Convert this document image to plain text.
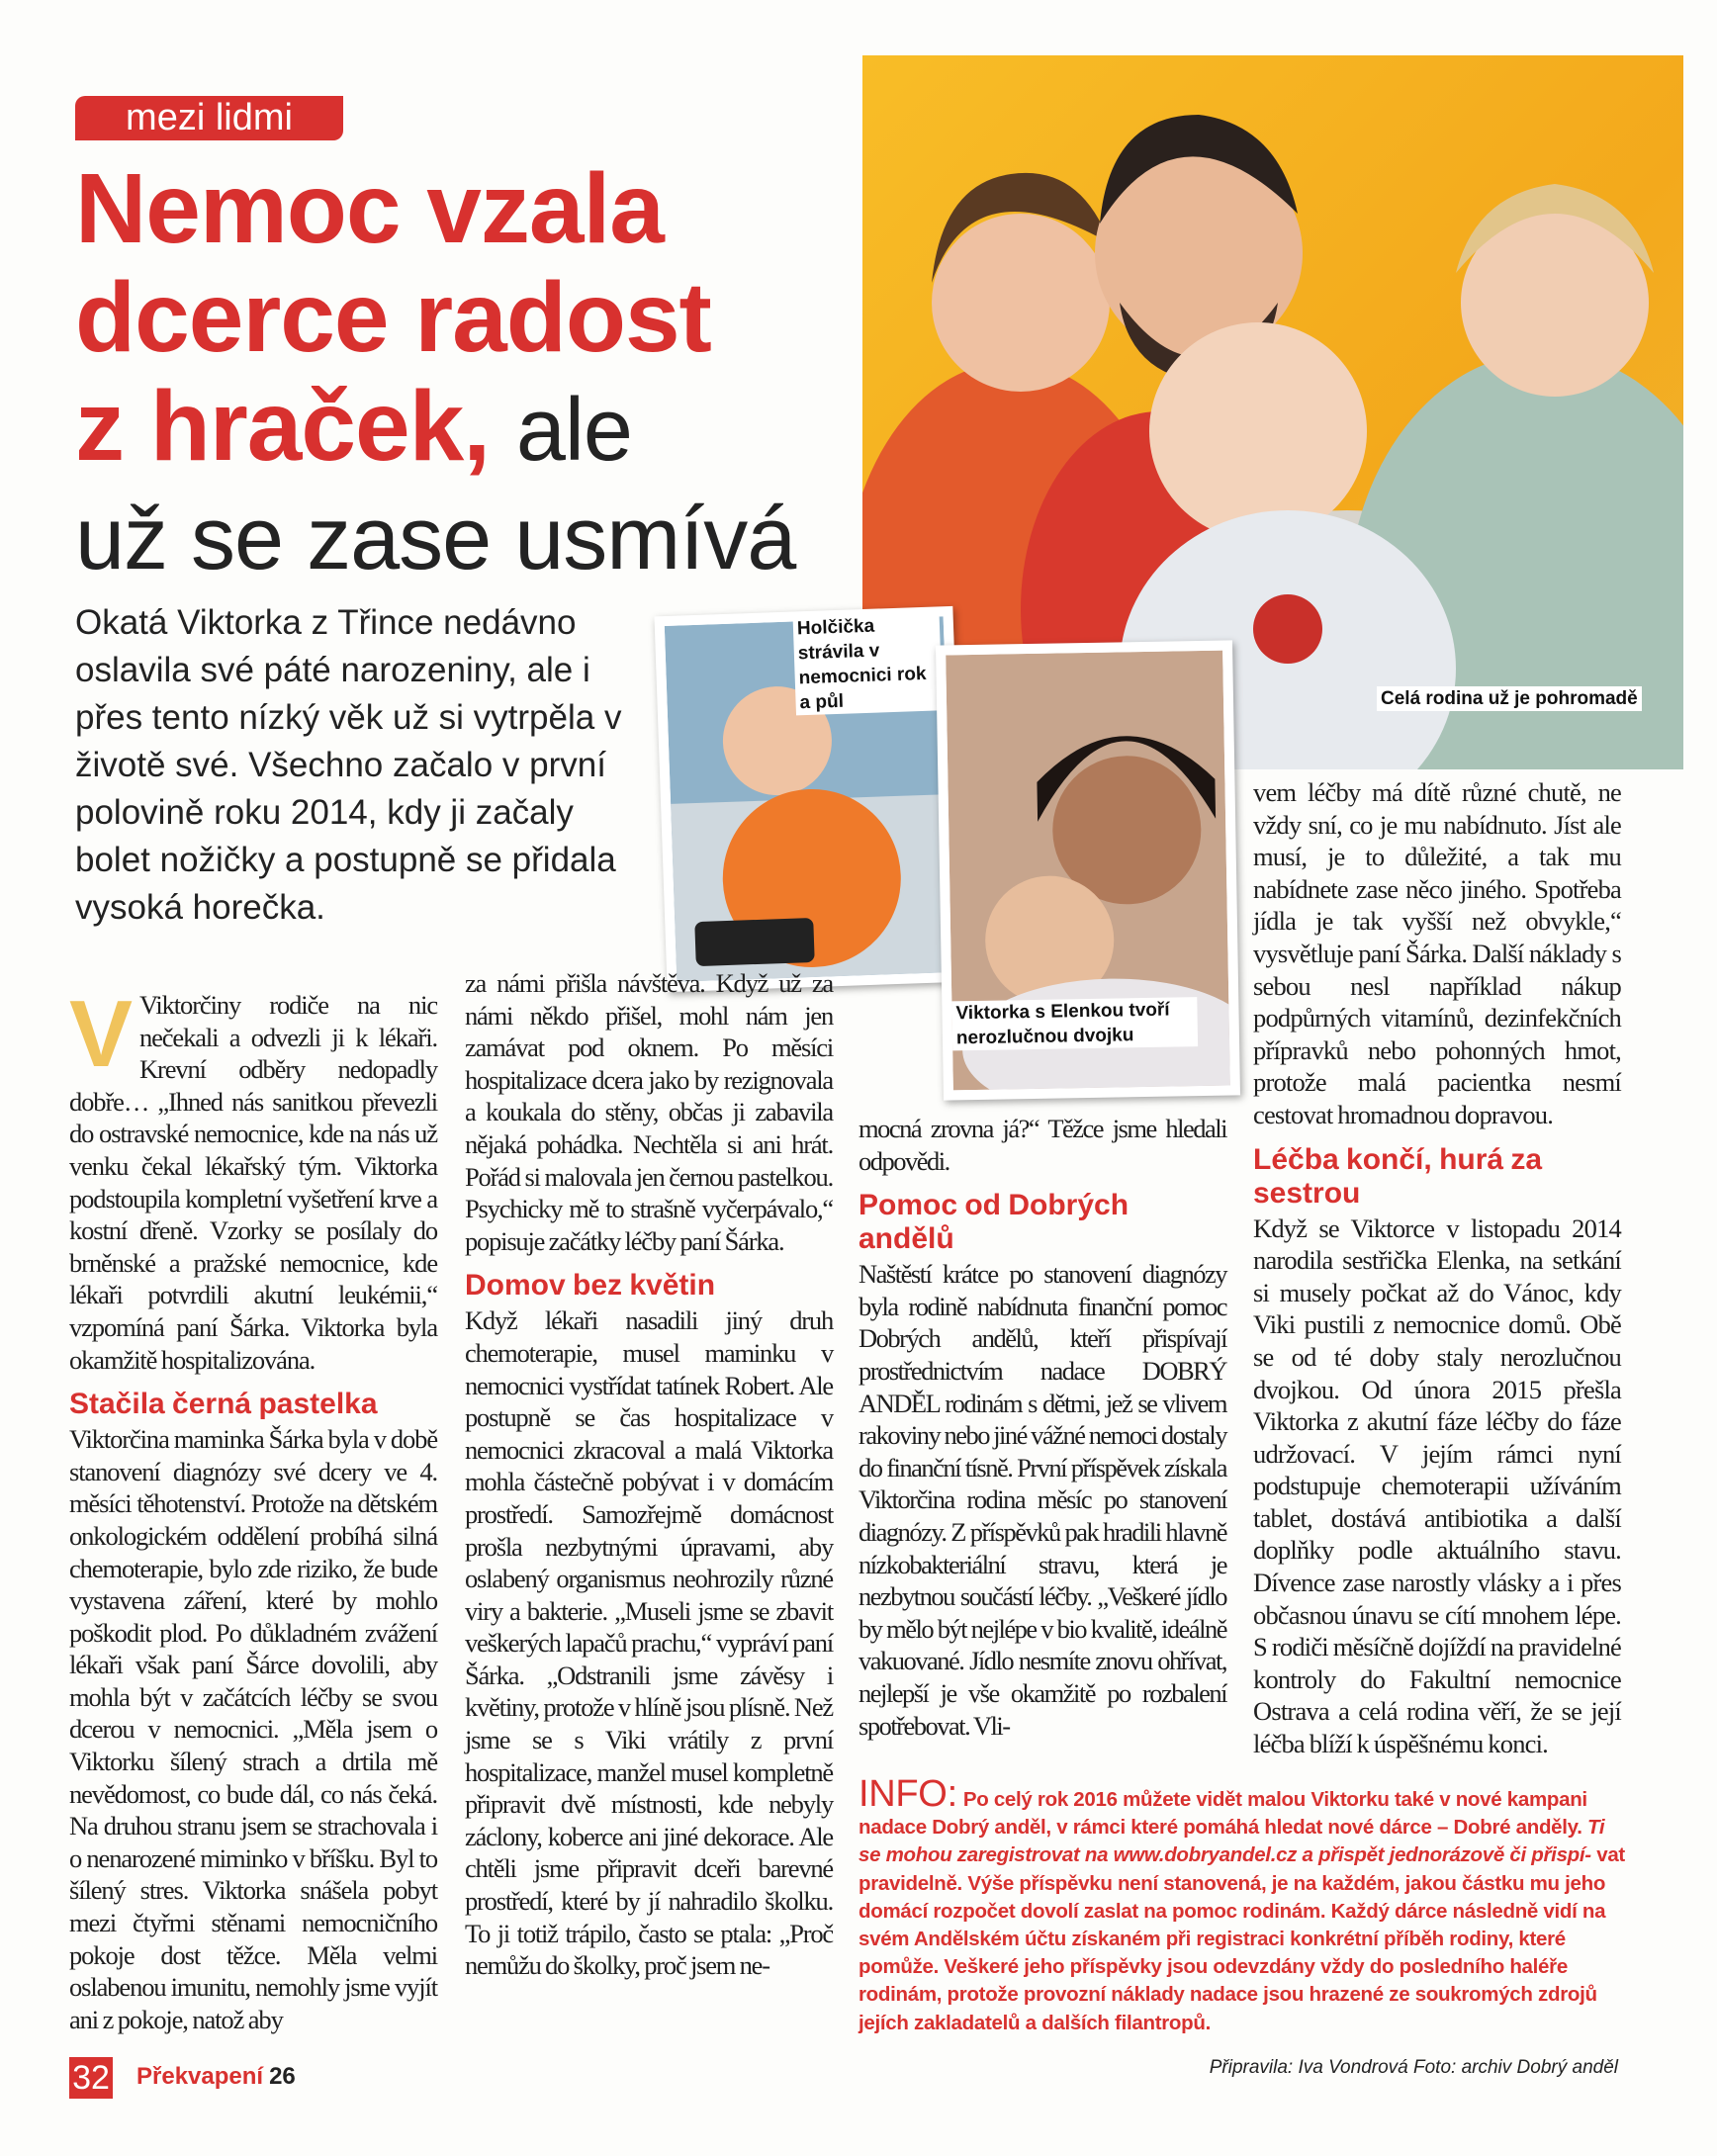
mezi lidmi
Nemoc vzala
dcerce radost
z hraček, ale
už se zase usmívá
Okatá Viktorka z Třince nedávno oslavila své páté narozeniny, ale i přes tento nízký věk už si vytrpěla v životě své. Všechno začalo v první polovině roku 2014, kdy ji začaly bolet nožičky a postupně se přidala vysoká horečka.
Celá rodina už je pohromadě
Holčička strávila v nemocnici rok a půl
Viktorka s Elenkou tvoří nerozlučnou dvojku
V Viktorčiny rodiče na nic nečekali a odvezli ji k lékaři. Krevní odběry nedopadly dobře… „Ihned nás sanitkou převezli do ostravské nemocnice, kde na nás už venku čekal lékařský tým. Viktorka podstoupila kompletní vyšetření krve a kostní dřeně. Vzorky se posílaly do brněnské a pražské nemocnice, kde lékaři potvrdili akutní leukémii,“ vzpomíná paní Šárka. Viktorka byla okamžitě hospitalizována.

Stačila černá pastelka

Viktorčina maminka Šárka byla v době stanovení diagnózy své dcery ve 4. měsíci těhotenství. Protože na dětském onkologickém oddělení probíhá silná chemoterapie, bylo zde riziko, že bude vystavena záření, které by mohlo poškodit plod. Po důkladném zvážení lékaři však paní Šárce dovolili, aby mohla být v začátcích léčby se svou dcerou v nemocnici. „Měla jsem o Viktorku šílený strach a drtila mě nevědomost, co bude dál, co nás čeká. Na druhou stranu jsem se strachovala i o nenarozené miminko v bříšku. Byl to šílený stres. Viktorka snášela pobyt mezi čtyřmi stěnami nemocničního pokoje dost těžce. Měla velmi oslabenou imunitu, nemohly jsme vyjít ani z pokoje, natož aby

za námi přišla návštěva. Když už za námi někdo přišel, mohl nám jen zamávat pod oknem. Po měsíci hospitalizace dcera jako by rezignovala a koukala do stěny, občas ji zabavila nějaká pohádka. Nechtěla si ani hrát. Pořád si malovala jen černou pastelkou. Psychicky mě to strašně vyčerpávalo,“ popisuje začátky léčby paní Šárka.

Domov bez květin

Když lékaři nasadili jiný druh chemoterapie, musel maminku v nemocnici vystřídat tatínek Robert. Ale postupně se čas hospitalizace v nemocnici zkracoval a malá Viktorka mohla částečně pobývat i v domácím prostředí. Samozřejmě domácnost prošla nezbytnými úpravami, aby oslabený organismus neohrozily různé viry a bakterie. „Museli jsme se zbavit veškerých lapačů prachu,“ vypráví paní Šárka. „Odstranili jsme závěsy i květiny, protože v hlíně jsou plísně. Než jsme se s Viki vrátily z první hospitalizace, manžel musel kompletně připravit dvě místnosti, kde nebyly záclony, koberce ani jiné dekorace. Ale chtěli jsme připravit dceři barevné prostředí, které by jí nahradilo školku. To ji totiž trápilo, často se ptala: „Proč nemůžu do školky, proč jsem ne-

mocná zrovna já?“ Těžce jsme hledali odpovědi.

Pomoc od Dobrých andělů

Naštěstí krátce po stanovení diagnózy byla rodině nabídnuta finanční pomoc Dobrých andělů, kteří přispívají prostřednictvím nadace DOBRÝ ANDĚL rodinám s dětmi, jež se vlivem rakoviny nebo jiné vážné nemoci dostaly do finanční tísně. První příspěvek získala Viktorčina rodina měsíc po stanovení diagnózy. Z příspěvků pak hradili hlavně nízkobakteriální stravu, která je nezbytnou součástí léčby. „Veškeré jídlo by mělo být nejlépe v bio kvalitě, ideálně vakuované. Jídlo nesmíte znovu ohřívat, nejlepší je vše okamžitě po rozbalení spotřebovat. Vli-

vem léčby má dítě různé chutě, ne vždy sní, co je mu nabídnuto. Jíst ale musí, je to důležité, a tak mu nabídnete zase něco jiného. Spotřeba jídla je tak vyšší než obvykle,“ vysvětluje paní Šárka. Další náklady s sebou nesl například nákup podpůrných vitamínů, dezinfekčních přípravků nebo pohonných hmot, protože malá pacientka nesmí cestovat hromadnou dopravou.

Léčba končí, hurá za sestrou

Když se Viktorce v listopadu 2014 narodila sestřička Elenka, na setkání si musely počkat až do Vánoc, kdy Viki pustili z nemocnice domů. Obě se od té doby staly nerozlučnou dvojkou. Od února 2015 přešla Viktorka z akutní fáze léčby do fáze udržovací. V jejím rámci nyní podstupuje chemoterapii užíváním tablet, dostává antibiotika a další doplňky podle aktuálního stavu. Dívence zase narostly vlásky a i přes občasnou únavu se cítí mnohem lépe. S rodiči měsíčně dojíždí na pravidelné kontroly do Fakultní nemocnice Ostrava a celá rodina věří, že se její léčba blíží k úspěšnému konci.

INFO: Po celý rok 2016 můžete vidět malou Viktorku také v nové kampani nadace Dobrý anděl, v rámci které pomáhá hledat nové dárce – Dobré anděly. Ti se mohou zaregistrovat na www.dobryandel.cz a přispět jednorázově či přispí- vat pravidelně. Výše příspěvku není stanovená, je na každém, jakou částku mu jeho domácí rozpočet dovolí zaslat na pomoc rodinám. Každý dárce následně vidí na svém Andělském účtu získaném při registraci konkrétní příběh rodiny, které pomůže. Veškeré jeho příspěvky jsou odevzdány vždy do posledního haléře rodinám, protože provozní náklady nadace jsou hrazené ze soukromých zdrojů jejích zakladatelů a dalších filantropů.
32 Překvapení 26	Připravila: Iva Vondrová Foto: archiv Dobrý anděl
